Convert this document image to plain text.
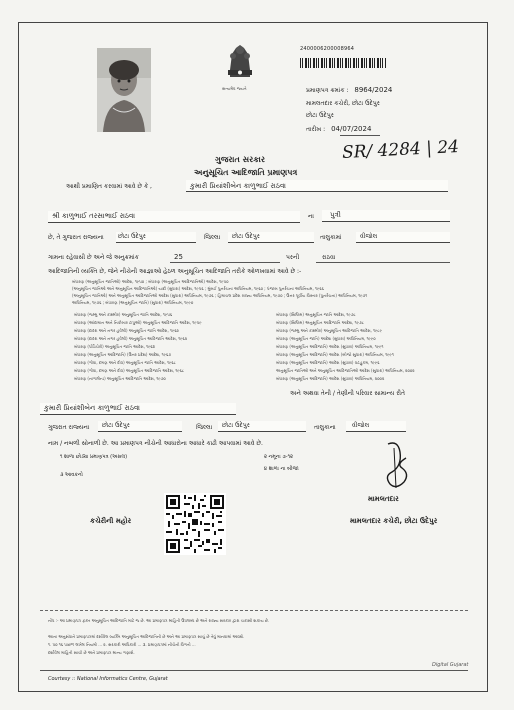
સત્યમેવ જયતે
2400006200008964
પ્રમાણપત્ર ક્રમાંક : 8964/2024
મામલતદાર કચેરી, છોટા ઉદેપુર
છોટા ઉદેપુર
તારીખ : 04/07/2024
SR/ 4284 | 24
ગુજરાત સરકાર
અનુસૂચિત આદિજાતિ પ્રમાણપત્ર
આથી પ્રમાણિત કરવામાં આવે છે કે ,	કુમારી પ્રિયાંશીબેન કાળુભાઈ રાઠવા
શ્રી કાળુભાઈ તરસાભાઈ રાઠવા	ના પુત્રી
છે, તે ગુજરાત રાજ્યના છોટા ઉદેપુર	જિલ્લા છોટા ઉદેપુર	તાલુકામાં	વીજોલ
ગામના રહેવાસી છે અને જે અનુક્રમાંક	25	પરની	રાઠવા
આદિજાતિની વ્યક્તિ છે, જેને નીચેની આજ્ઞાઓ હેઠળ અનુસૂચિત આદિજાતિ તરીકે ઓળખવામાં આવે છે :-
બંધારણ (અનુસૂચિત જાતિઓ) આદેશ, ૧૯૫૦ ; બંધારણ (અનુસૂચિત આદિજાતિઓ) આદેશ, ૧૯૫૦
(અનુસૂચિત જાતિઓ અને અનુસૂચિત આદિજાતિઓ) યાદી (સુધારા) આદેશ, ૧૯૫૬ ; મુંબઈ પુનર્રચના અધિનિયમ, ૧૯૬૦ ; પંજાબ પુનર્રચના અધિનિયમ, ૧૯૬૬
(અનુસૂચિત જાતિઓ) અને અનુસૂચિત આદિજાતિઓ આદેશ (સુધારા) અધિનિયમ, ૧૯૭૬ ; હિમાચલ પ્રદેશ રાજ્ય અધિનિયમ, ૧૯૭૦ ; ઉત્તર પૂર્વીય વિસ્તાર (પુનર્રચના) અધિનિયમ, ૧૯૭૧
અધિનિયમ, ૧૯૭૬ ; બંધારણ (અનુસૂચિત જાતિ) (સુધારા) અધિનિયમ, ૧૯૯૦
બંધારણ (જમ્મુ અને કાશ્મીર) અનુસૂચિત જાતિ આદેશ, ૧૯૫૬
બંધારણ (આંદામાન અને નિકોબાર ટાપુઓ) અનુસૂચિત આદિજાતિ આદેશ, ૧૯૫૯
બંધારણ (દાદરા અને નગર હવેલી) અનુસૂચિત જાતિ આદેશ, ૧૯૬૨
બંધારણ (દાદરા અને નગર હવેલી) અનુસૂચિત આદિજાતિ આદેશ, ૧૯૬૨
બંધારણ (પોંડિચેરી) અનુસૂચિત જાતિ આદેશ, ૧૯૬૪
બંધારણ (અનુસૂચિત આદિજાતિ) (ઉત્તર પ્રદેશ) આદેશ, ૧૯૬૭
બંધારણ (ગોવા, દમણ અને દીવ) અનુસૂચિત જાતિ આદેશ, ૧૯૬૮
બંધારણ (ગોવા, દમણ અને દીવ) અનુસૂચિત આદિજાતિ આદેશ, ૧૯૬૮
બંધારણ (નાગાલેન્ડ) અનુસૂચિત આદિજાતિ આદેશ, ૧૯૭૦
બંધારણ (સિક્કિમ) અનુસૂચિત જાતિ આદેશ, ૧૯૭૮
બંધારણ (સિક્કિમ) અનુસૂચિત આદિજાતિ આદેશ, ૧૯૭૮
બંધારણ (જમ્મુ અને કાશ્મીર) અનુસૂચિત આદિજાતિ આદેશ, ૧૯૮૯
બંધારણ (અનુસૂચિત જાતિ) આદેશ (સુધારા) અધિનિયમ, ૧૯૯૦
બંધારણ (અનુસૂચિત આદિજાતિ) આદેશ (સુધારા) અધિનિયમ, ૧૯૯૧
બંધારણ (અનુસૂચિત આદિજાતિ) આદેશ (બીજો સુધારા) અધિનિયમ, ૧૯૯૧
બંધારણ (અનુસૂચિત આદિજાતિ) આદેશ (સુધારા) વટહુકમ, ૧૯૯૬
અનુસૂચિત જાતિઓ અને અનુસૂચિત આદિજાતિઓ આદેશ (સુધારા) અધિનિયમ, ૨૦૦૨
બંધારણ (અનુસૂચિત આદિજાતિ) આદેશ (સુધારા) અધિનિયમ, ૨૦૦૨
અને અથવા તેની / તેણીની પરિવાર સામાન્ય રીતે
કુમારી પ્રિયાંશીબેન કાળુભાઈ રાઠવા
ગુજરાત રાજ્યના છોટા ઉદેપુર	જિલ્લા છોટા ઉદેપુર	તાલુકાના	વીજોલ
નામ / નબળી સોનાળી છે. આ પ્રમાણપત્ર નીચેની આધારોના આધારે કાઢી આપવામાં આવે છે.
૧ શાળા છોડ્યા પ્રમાણપત્ર (અસલ)	૨ નમૂના ૭-૧૨
૩ આવકનો
૪ શાળા ના બીજા
કચેરીની મહોર
મામલતદાર
મામલતદાર કચેરી, છોટા ઉદેપુર
નોંધ :- આ પ્રમાણપત્ર ફક્ત અનુસૂચિત આદિજાતિ માટે જ છે. આ પ્રમાણપત્ર માહિતી ઉપલબ્ધ છે અને રાજ્ય સરકાર દ્વારા ચકાસી શકાય છે.
આના અનુસંધાને પ્રમાણપત્રમાં દર્શાવેલ વ્યક્તિ અનુસૂચિત આદિજાતિની છે અને આ પ્રમાણપત્ર સાચું છે તેવું માનવામાં આવશે.
૧. ૫૦ ૧૬ પાછળ લખેલ નિયમો ... ૨. સરકારી અધિકારી ... ૩. પ્રમાણપત્રમાં નીચેની વિગતો ...
દર્શાવેલ માહિતી સાચી છે અને પ્રમાણપત્ર માન્ય ગણાશે.
Digital Gujarat
Courtesy :: National Informatics Centre, Gujarat
